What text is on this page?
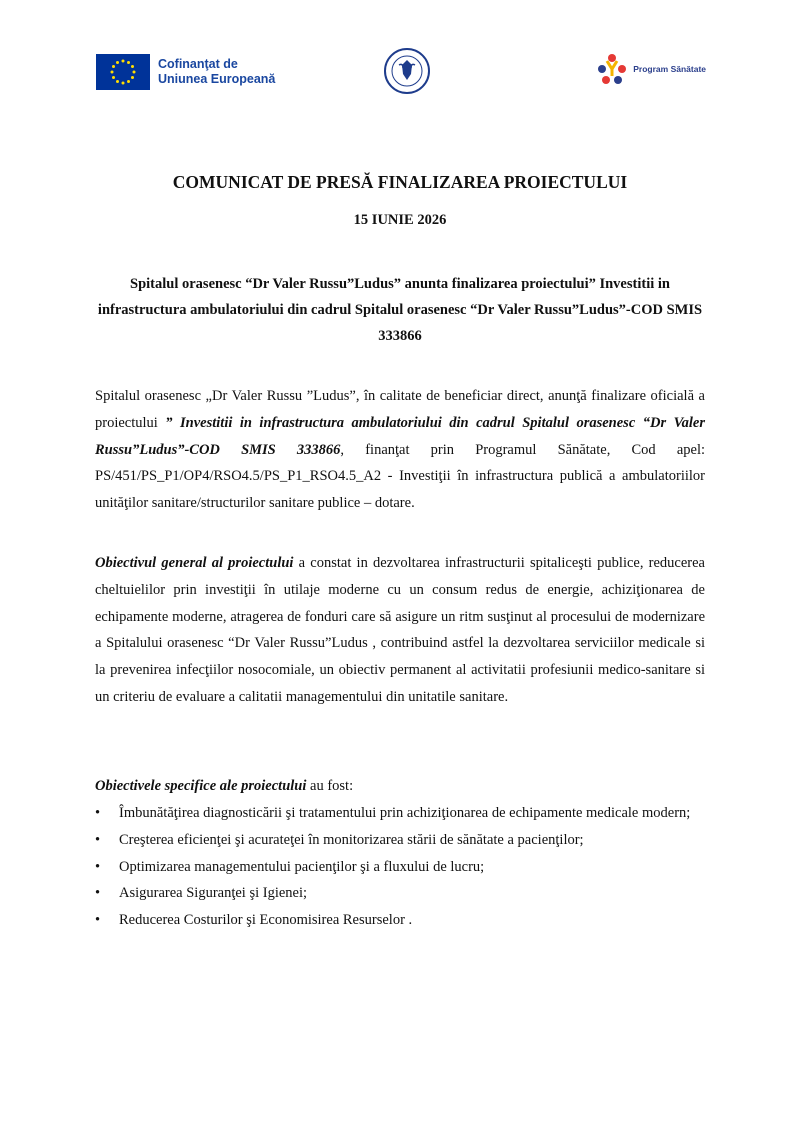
Cofinanţat de
Uniunea Europeană
Program Sănătate
COMUNICAT DE PRESĂ FINALIZAREA PROIECTULUI
15 IUNIE 2026
Spitalul orasenesc “Dr Valer Russu”Ludus” anunta finalizarea proiectului” Investitii in infrastructura ambulatoriului din cadrul Spitalul orasenesc “Dr Valer Russu”Ludus”-COD SMIS 333866
Spitalul orasenesc „Dr Valer Russu ”Ludus”, în calitate de beneficiar direct, anunţă finalizare oficială a proiectului ” Investitii in infrastructura ambulatoriului din cadrul Spitalul orasenesc “Dr Valer Russu”Ludus”-COD SMIS 333866, finanţat prin Programul Sănătate, Cod apel: PS/451/PS_P1/OP4/RSO4.5/PS_P1_RSO4.5_A2 - Investiţii în infrastructura publică a ambulatoriilor unităţilor sanitare/structurilor sanitare publice – dotare.
Obiectivul general al proiectului a constat in dezvoltarea infrastructurii spitaliceşti publice, reducerea cheltuielilor prin investiţii în utilaje moderne cu un consum redus de energie, achiziţionarea de echipamente moderne, atragerea de fonduri care să asigure un ritm susţinut al procesului de modernizare a Spitalului orasenesc “Dr Valer Russu”Ludus , contribuind astfel la dezvoltarea serviciilor medicale si la prevenirea infecţiilor nosocomiale, un obiectiv permanent al activitatii profesiunii medico-sanitare si un criteriu de evaluare a calitatii managementului din unitatile sanitare.
Obiectivele specifice ale proiectului au fost:
• Îmbunătăţirea diagnosticării şi tratamentului prin achiziţionarea de echipamente medicale modern;
• Creşterea eficienţei şi acurateţei în monitorizarea stării de sănătate a pacienţilor;
• Optimizarea managementului pacienţilor şi a fluxului de lucru;
• Asigurarea Siguranţei şi Igienei;
• Reducerea Costurilor şi Economisirea Resurselor .
